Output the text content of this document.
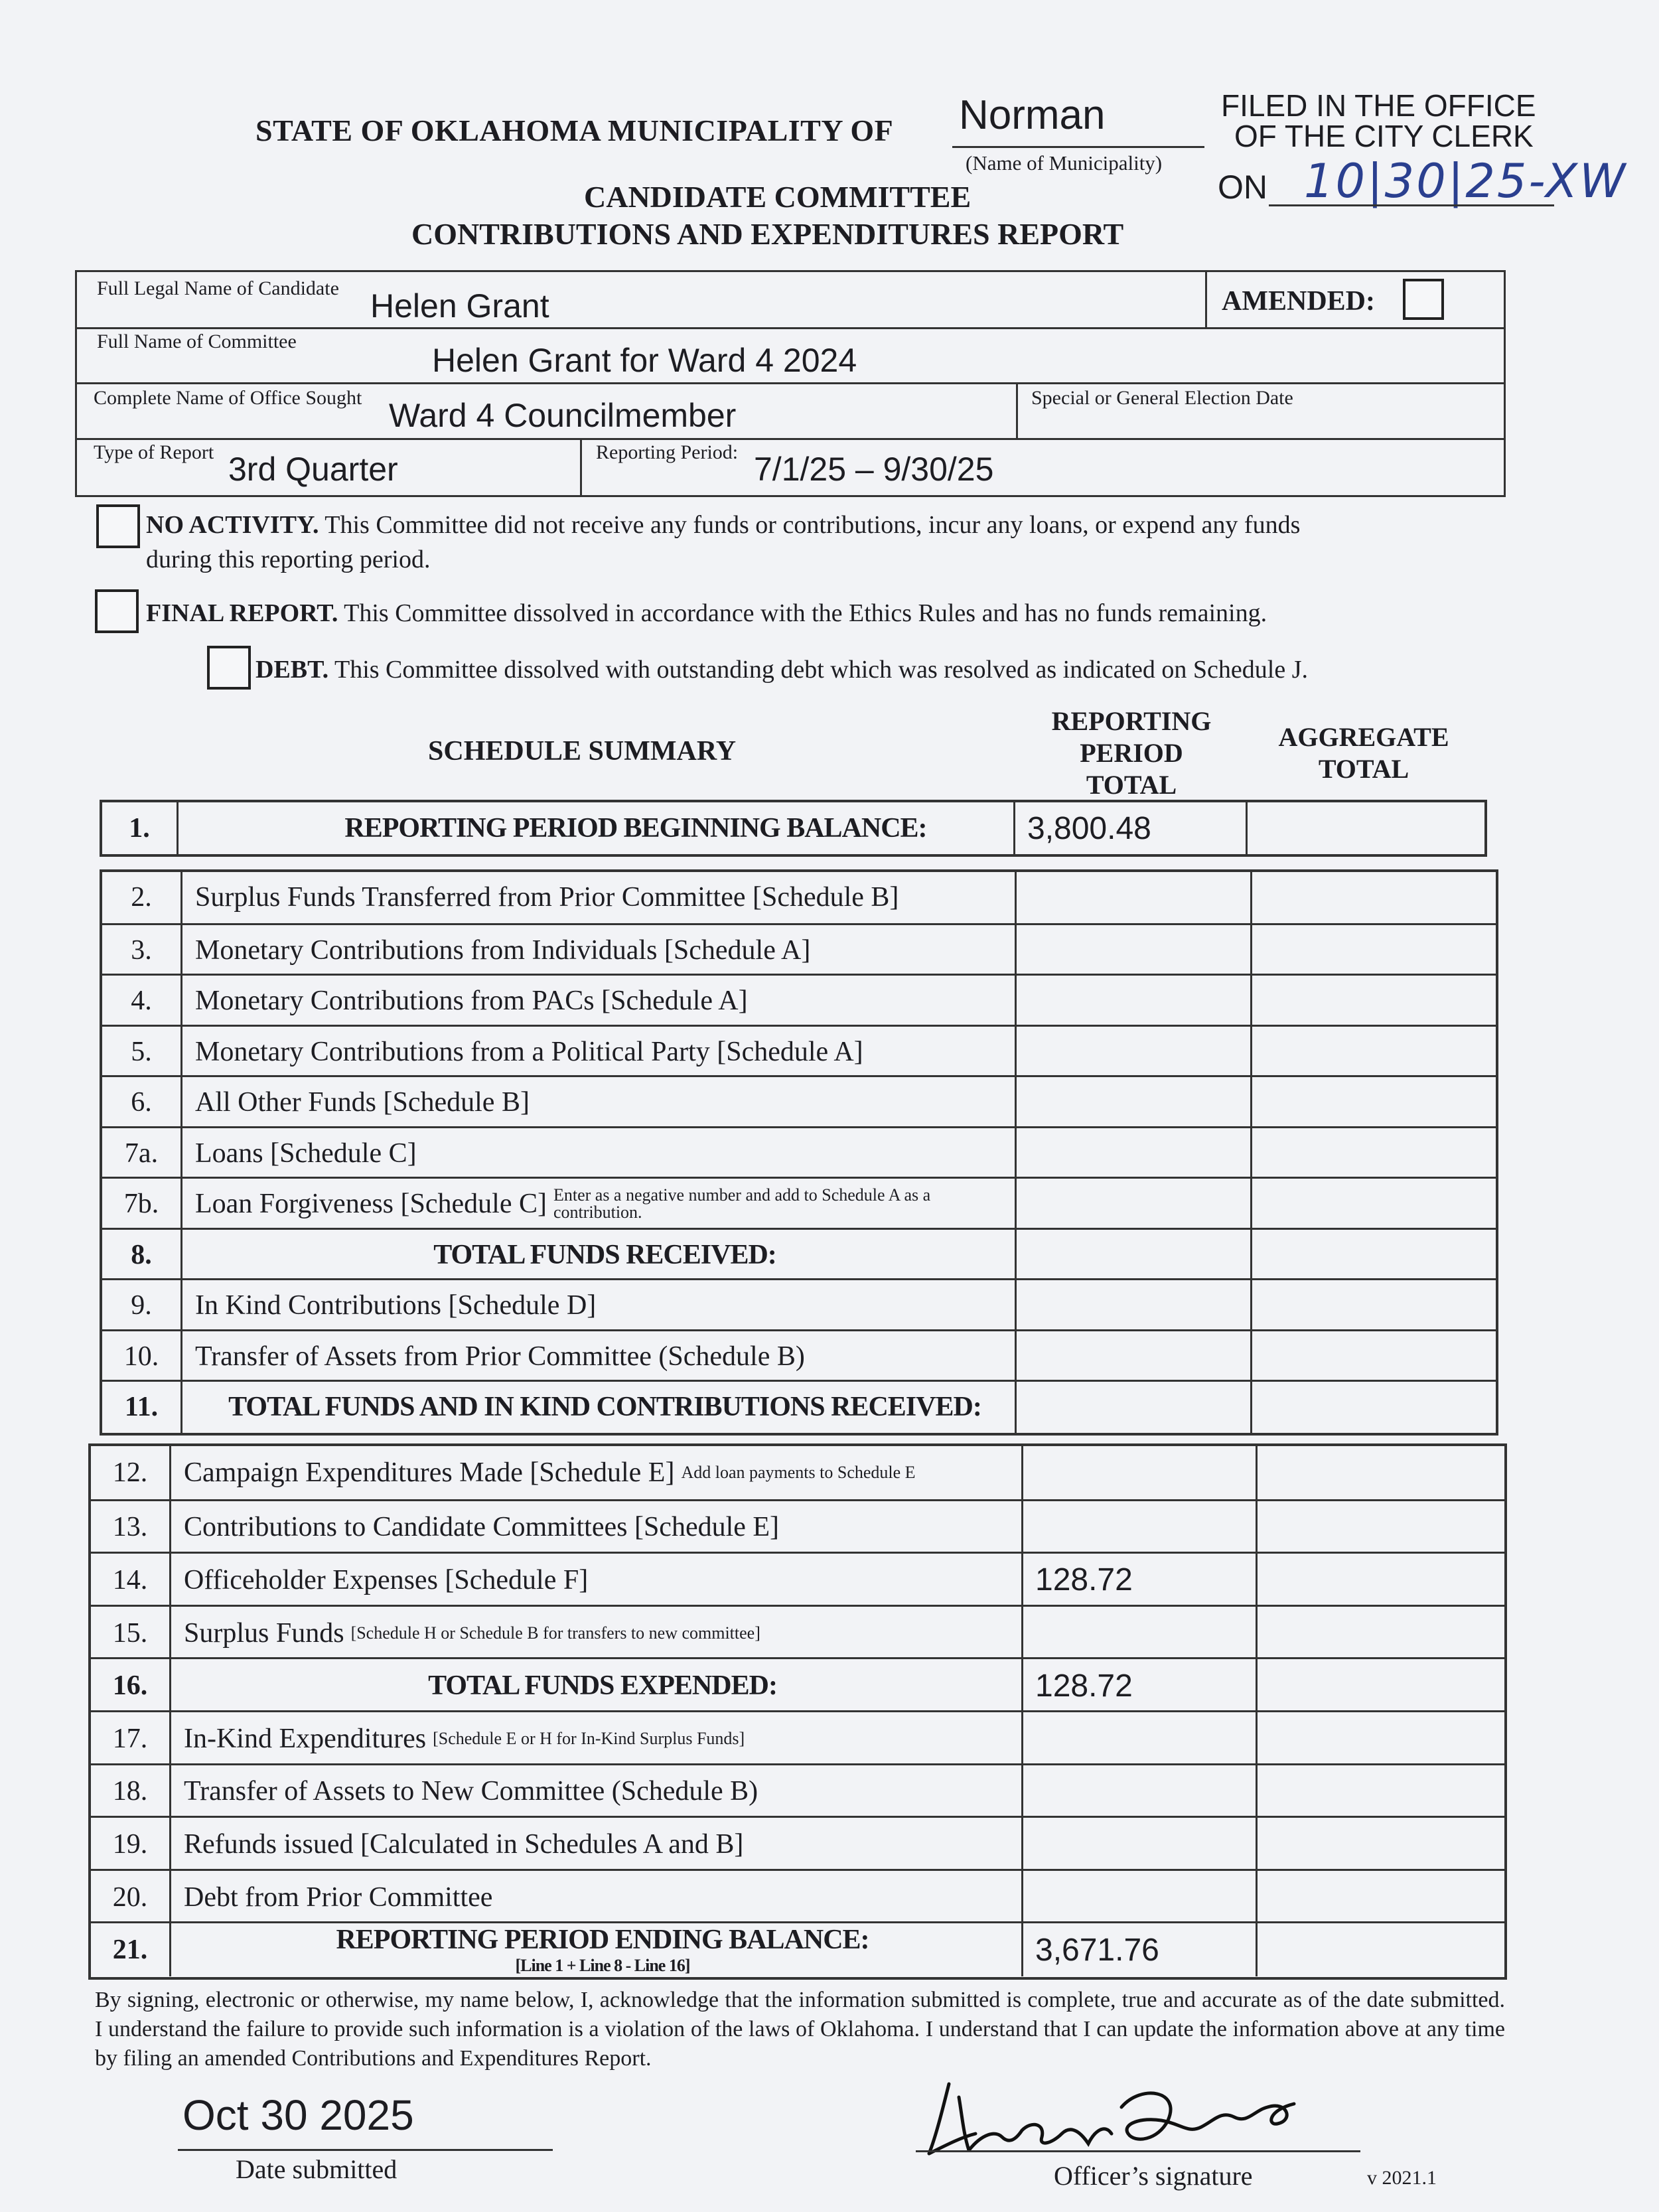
STATE OF OKLAHOMA MUNICIPALITY OF Norman
(Name of Municipality)
CANDIDATE COMMITTEE
CONTRIBUTIONS AND EXPENDITURES REPORT
FILED IN THE OFFICE
OF THE CITY CLERK
ON 10|30|25-XW
Full Legal Name of Candidate Helen Grant	AMENDED:
Full Name of Committee
Helen Grant for Ward 4 2024
Complete Name of Office Sought Ward 4 Councilmember	Special or General Election Date
Type of Report 3rd Quarter	Reporting Period: 7/1/25 – 9/30/25
NO ACTIVITY. This Committee did not receive any funds or contributions, incur any loans, or expend any funds
during this reporting period.
FINAL REPORT. This Committee dissolved in accordance with the Ethics Rules and has no funds remaining.
DEBT. This Committee dissolved with outstanding debt which was resolved as indicated on Schedule J.
SCHEDULE SUMMARY
REPORTING
PERIOD
TOTAL
AGGREGATE
TOTAL
1.	REPORTING PERIOD BEGINNING BALANCE:	3,800.48
2.	Surplus Funds Transferred from Prior Committee [Schedule B]
3.	Monetary Contributions from Individuals [Schedule A]
4.	Monetary Contributions from PACs [Schedule A]
5.	Monetary Contributions from a Political Party [Schedule A]
6.	All Other Funds [Schedule B]
7a.	Loans [Schedule C]
7b.	Loan Forgiveness [Schedule C] Enter as a negative number and add to Schedule A as a contribution.
8.	TOTAL FUNDS RECEIVED:
9.	In Kind Contributions [Schedule D]
10.	Transfer of Assets from Prior Committee (Schedule B)
11.	TOTAL FUNDS AND IN KIND CONTRIBUTIONS RECEIVED:
12.	Campaign Expenditures Made [Schedule E] Add loan payments to Schedule E
13.	Contributions to Candidate Committees [Schedule E]
14.	Officeholder Expenses [Schedule F]	128.72
15.	Surplus Funds [Schedule H or Schedule B for transfers to new committee]
16.	TOTAL FUNDS EXPENDED:	128.72
17.	In-Kind Expenditures [Schedule E or H for In-Kind Surplus Funds]
18.	Transfer of Assets to New Committee (Schedule B)
19.	Refunds issued [Calculated in Schedules A and B]
20.	Debt from Prior Committee
21.	REPORTING PERIOD ENDING BALANCE:
[Line 1 + Line 8 - Line 16]	3,671.76
By signing, electronic or otherwise, my name below, I, acknowledge that the information submitted is complete, true and accurate as of the date submitted. I understand the failure to provide such information is a violation of the laws of Oklahoma. I understand that I can update the information above at any time by filing an amended Contributions and Expenditures Report.
Oct 30 2025
Date submitted	Officer’s signature	v 2021.1
